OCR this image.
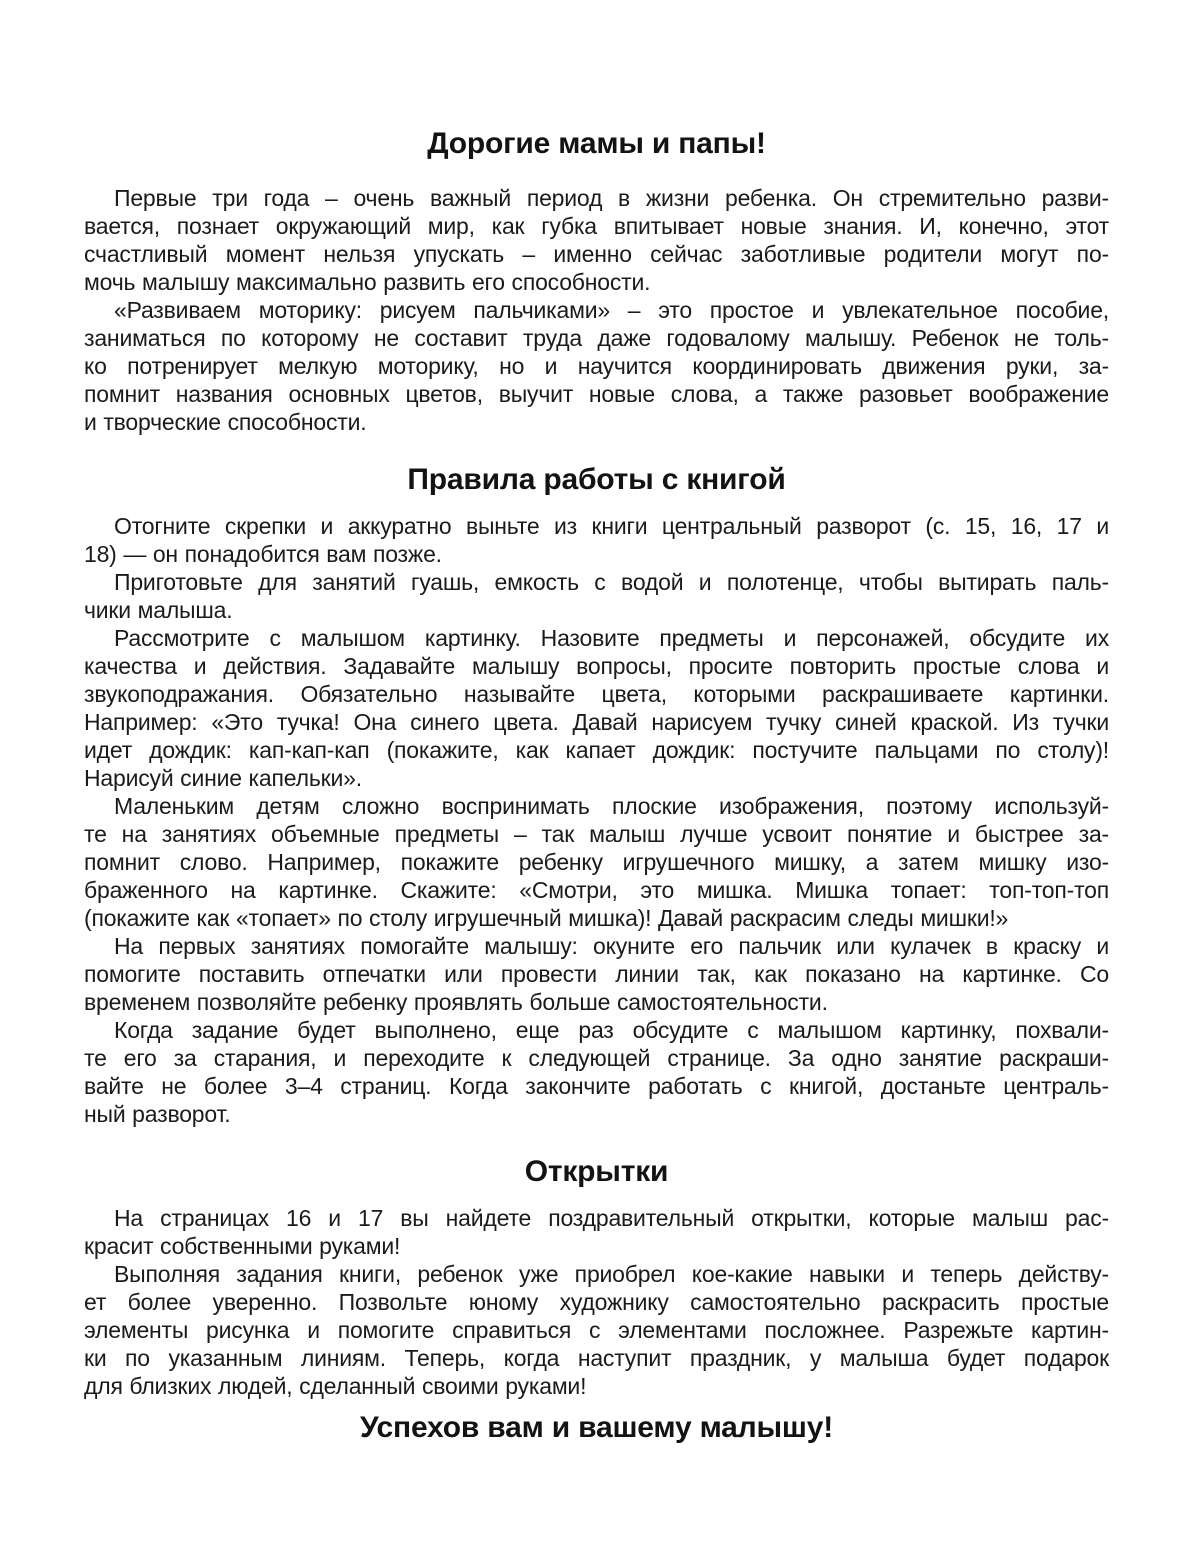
Дорогие мамы и папы!
Первые три года – очень важный период в жизни ребенка. Он стремительно разви-
вается, познает окружающий мир, как губка впитывает новые знания. И, конечно, этот
счастливый момент нельзя упускать – именно сейчас заботливые родители могут по-
мочь малышу максимально развить его способности.
«Развиваем моторику: рисуем пальчиками» – это простое и увлекательное пособие,
заниматься по которому не составит труда даже годовалому малышу. Ребенок не толь-
ко потренирует мелкую моторику, но и научится координировать движения руки, за-
помнит названия основных цветов, выучит новые слова, а также разовьет воображение
и творческие способности.
Правила работы с книгой
Отогните скрепки и аккуратно выньте из книги центральный разворот (с. 15, 16, 17 и
18) — он понадобится вам позже.
Приготовьте для занятий гуашь, емкость с водой и полотенце, чтобы вытирать паль-
чики малыша.
Рассмотрите с малышом картинку. Назовите предметы и персонажей, обсудите их
качества и действия. Задавайте малышу вопросы, просите повторить простые слова и
звукоподражания. Обязательно называйте цвета, которыми раскрашиваете картинки.
Например: «Это тучка! Она синего цвета. Давай нарисуем тучку синей краской. Из тучки
идет дождик: кап-кап-кап (покажите, как капает дождик: постучите пальцами по столу)!
Нарисуй синие капельки».
Маленьким детям сложно воспринимать плоские изображения, поэтому используй-
те на занятиях объемные предметы – так малыш лучше усвоит понятие и быстрее за-
помнит слово. Например, покажите ребенку игрушечного мишку, а затем мишку изо-
браженного на картинке. Скажите: «Смотри, это мишка. Мишка топает: топ-топ-топ
(покажите как «топает» по столу игрушечный мишка)! Давай раскрасим следы мишки!»
На первых занятиях помогайте малышу: окуните его пальчик или кулачек в краску и
помогите поставить отпечатки или провести линии так, как показано на картинке. Со
временем позволяйте ребенку проявлять больше самостоятельности.
Когда задание будет выполнено, еще раз обсудите с малышом картинку, похвали-
те его за старания, и переходите к следующей странице. За одно занятие раскраши-
вайте не более 3–4 страниц. Когда закончите работать с книгой, достаньте централь-
ный разворот.
Открытки
На страницах 16 и 17 вы найдете поздравительный открытки, которые малыш рас-
красит собственными руками!
Выполняя задания книги, ребенок уже приобрел кое-какие навыки и теперь действу-
ет более уверенно. Позвольте юному художнику самостоятельно раскрасить простые
элементы рисунка и помогите справиться с элементами посложнее. Разрежьте картин-
ки по указанным линиям. Теперь, когда наступит праздник, у малыша будет подарок
для близких людей, сделанный своими руками!
Успехов вам и вашему малышу!
